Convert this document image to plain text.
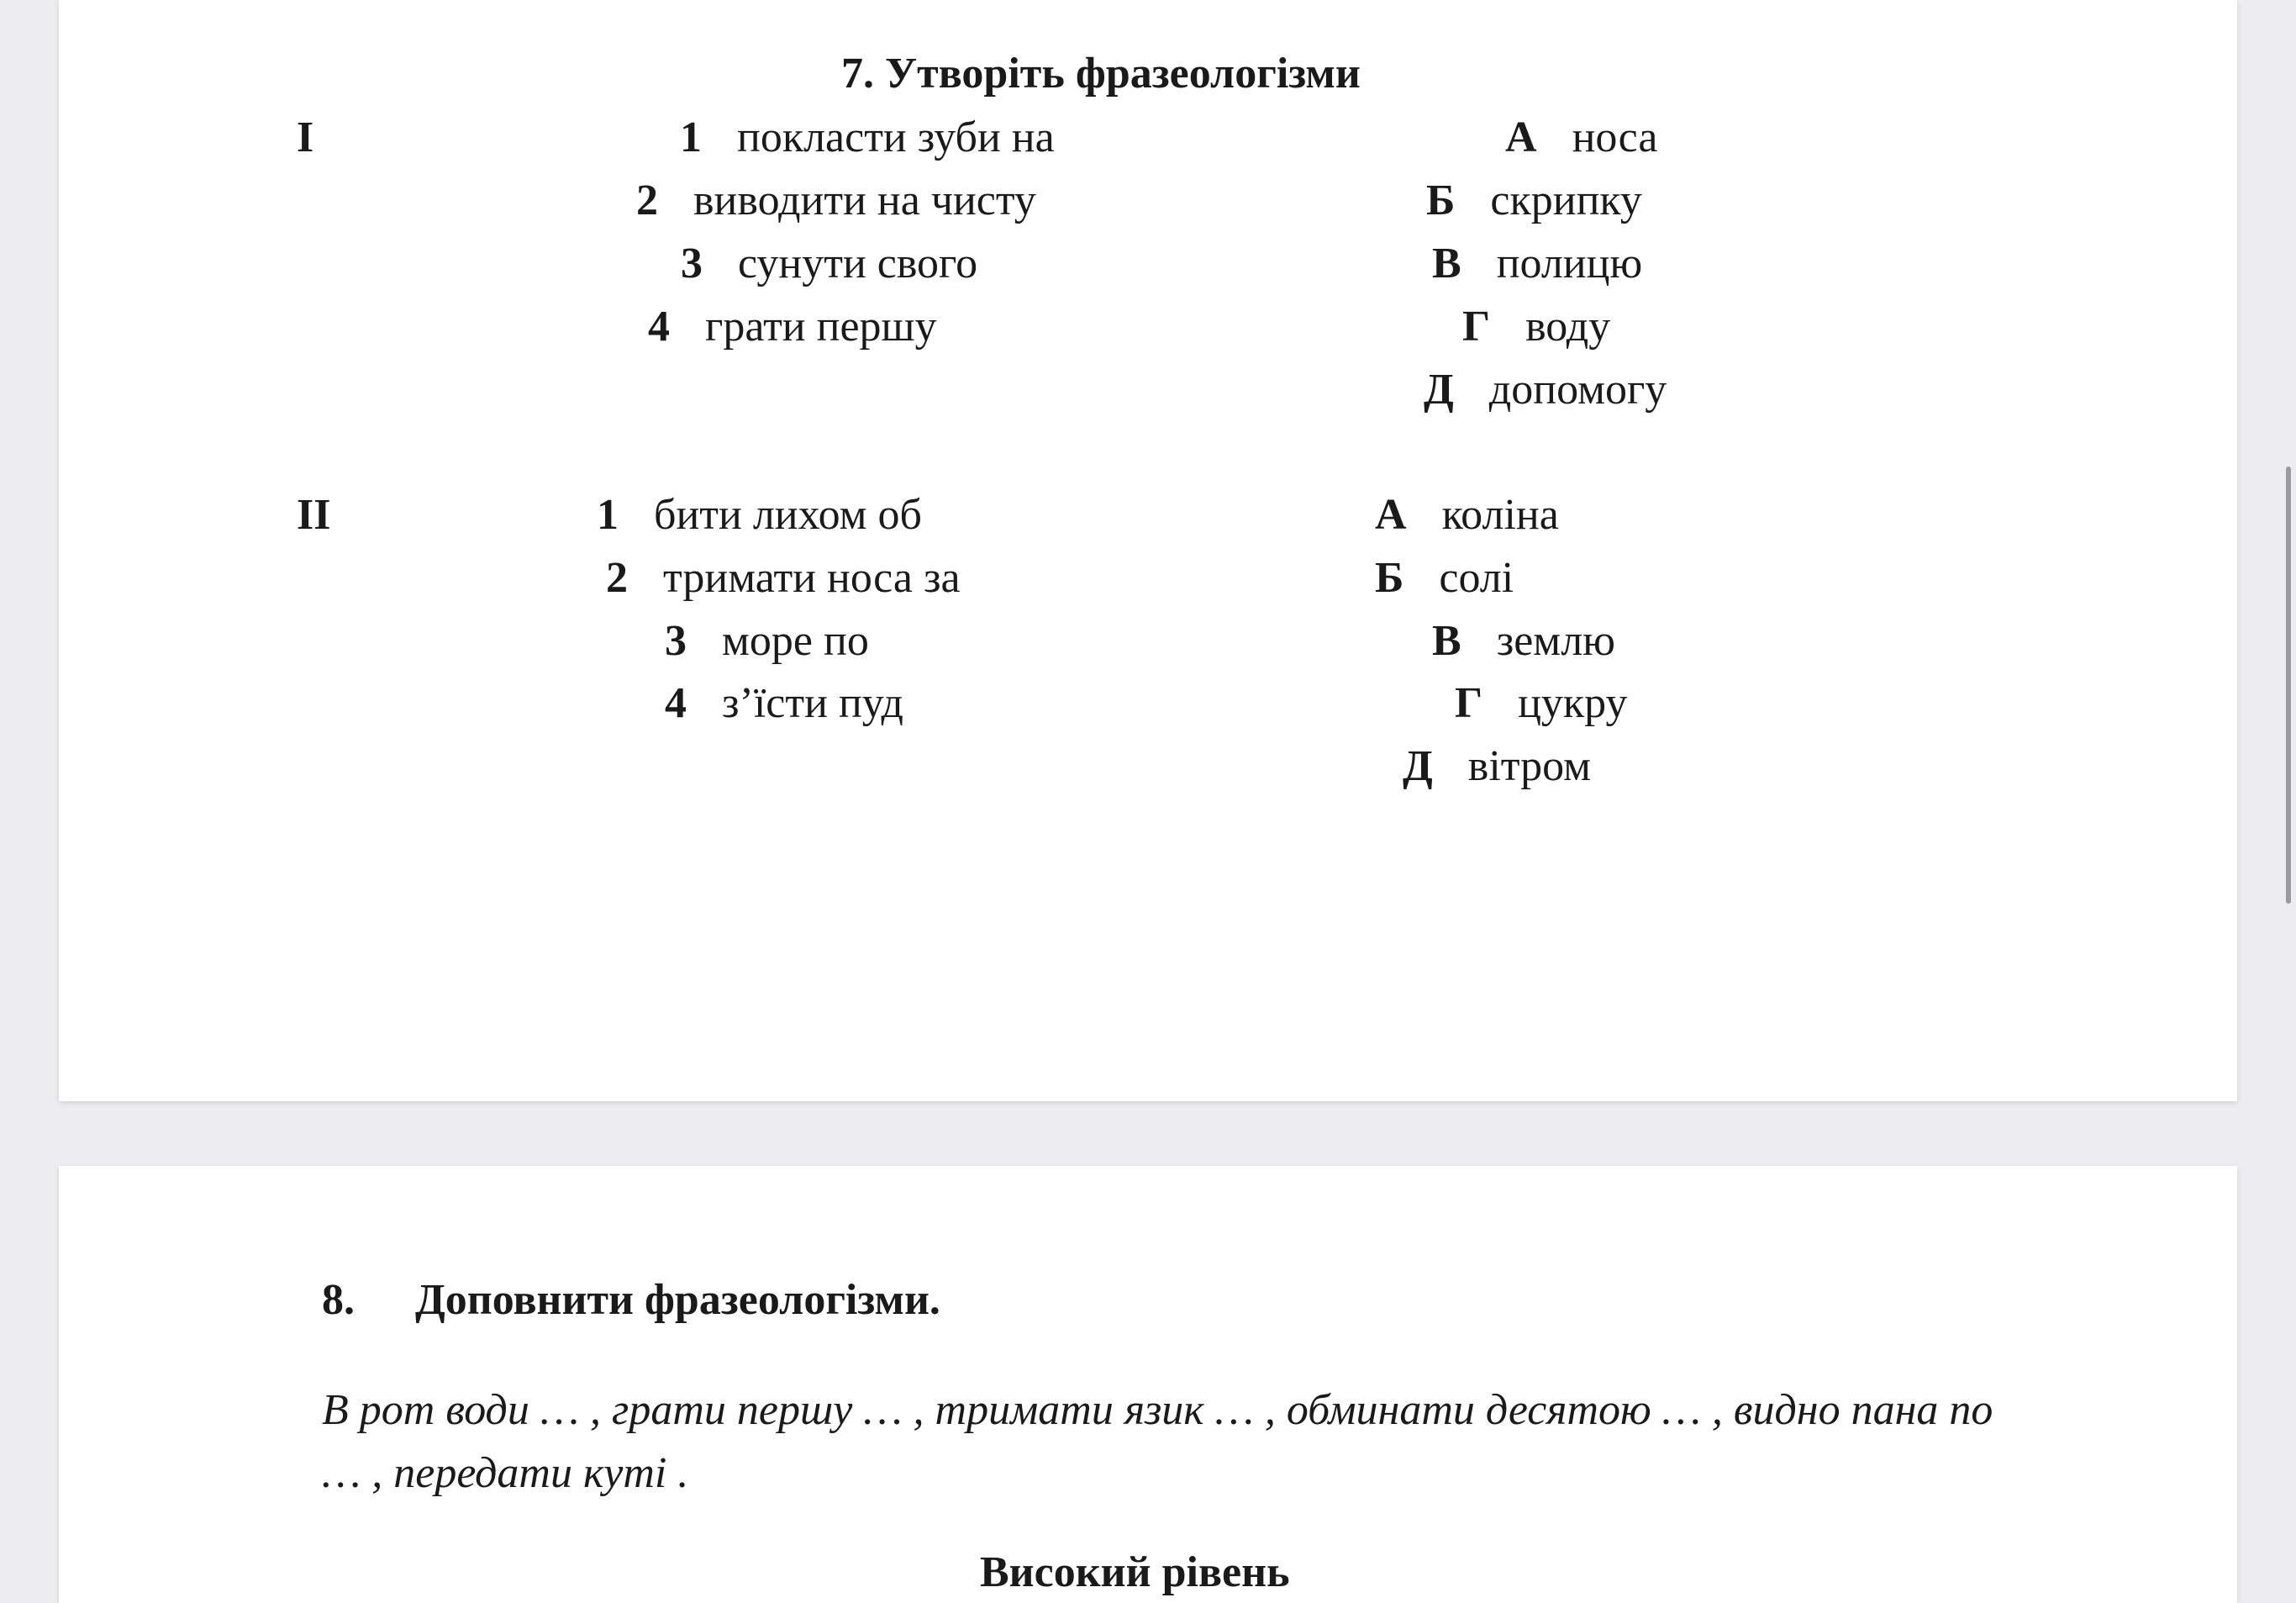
7. Утворіть фразеологізми
I	1 покласти зуби на
2 виводити на чисту
3 сунути свого
4 грати першу
А носа
Б скрипку
В полицю
Г воду
Д допомогу
II	1 бити лихом об
2 тримати носа за
3 море по
4 з’їсти пуд
А коліна
Б солі
В землю
Г цукру
Д вітром
8. Доповнити фразеологізми.
В рот води … , грати першу … , тримати язик … , обминати десятою … , видно пана по … , передати куті .
Високий рівень
